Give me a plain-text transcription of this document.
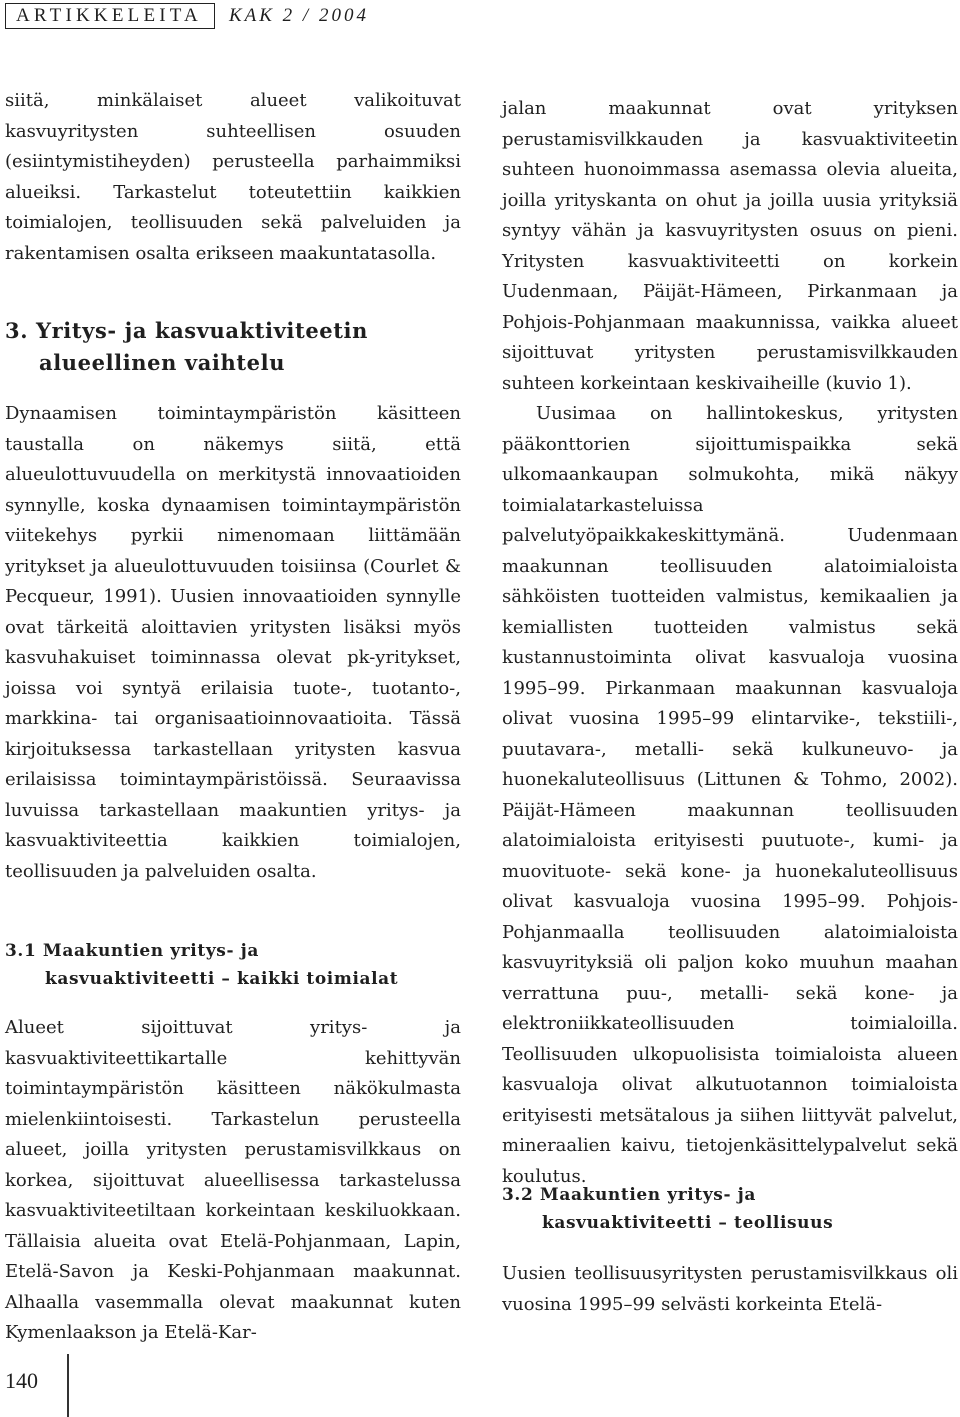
ARTIKKELEITA	KAK 2 / 2004

siitä, minkälaiset alueet valikoituvat kasvuyritysten suhteellisen osuuden (esiintymistiheyden) perusteella parhaimmiksi alueiksi. Tarkastelut toteutettiin kaikkien toimialojen, teollisuuden sekä palveluiden ja rakentamisen osalta erikseen maakuntatasolla.

3. Yritys- ja kasvuaktiviteetin
alueellinen vaihtelu

Dynaamisen toimintaympäristön käsitteen taustalla on näkemys siitä, että alueulottuvuudella on merkitystä innovaatioiden synnylle, koska dynaamisen toimintaympäristön viitekehys pyrkii nimenomaan liittämään yritykset ja alueulottuvuuden toisiinsa (Courlet & Pecqueur, 1991). Uusien innovaatioiden synnylle ovat tärkeitä aloittavien yritysten lisäksi myös kasvuhakuiset toiminnassa olevat pk-yritykset, joissa voi syntyä erilaisia tuote-, tuotanto-, markkina- tai organisaatioinnovaatioita. Tässä kirjoituksessa tarkastellaan yritysten kasvua erilaisissa toimintaympäristöissä. Seuraavissa luvuissa tarkastellaan maakuntien yritys- ja kasvuaktiviteettia kaikkien toimialojen, teollisuuden ja palveluiden osalta.

3.1 Maakuntien yritys- ja
kasvuaktiviteetti – kaikki toimialat

Alueet sijoittuvat yritys- ja kasvuaktiviteettikartalle kehittyvän toimintaympäristön käsitteen näkökulmasta mielenkiintoisesti. Tarkastelun perusteella alueet, joilla yritysten perustamisvilkkaus on korkea, sijoittuvat alueellisessa tarkastelussa kasvuaktiviteetiltaan korkeintaan keskiluokkaan. Tällaisia alueita ovat Etelä-Pohjanmaan, Lapin, Etelä-Savon ja Keski-Pohjanmaan maakunnat. Alhaalla vasemmalla olevat maakunnat kuten Kymenlaakson ja Etelä-Kar-

jalan maakunnat ovat yrityksen perustamisvilkkauden ja kasvuaktiviteetin suhteen huonoimmassa asemassa olevia alueita, joilla yrityskanta on ohut ja joilla uusia yrityksiä syntyy vähän ja kasvuyritysten osuus on pieni. Yritysten kasvuaktiviteetti on korkein Uudenmaan, Päijät-Hämeen, Pirkanmaan ja Pohjois-Pohjanmaan maakunnissa, vaikka alueet sijoittuvat yritysten perustamisvilkkauden suhteen korkeintaan keskivaiheille (kuvio 1).

Uusimaa on hallintokeskus, yritysten pääkonttorien sijoittumispaikka sekä ulkomaankaupan solmukohta, mikä näkyy toimialatarkasteluissa palvelutyöpaikkakeskittymänä. Uudenmaan maakunnan teollisuuden alatoimialoista sähköisten tuotteiden valmistus, kemikaalien ja kemiallisten tuotteiden valmistus sekä kustannustoiminta olivat kasvualoja vuosina 1995–99. Pirkanmaan maakunnan kasvualoja olivat vuosina 1995–99 elintarvike-, tekstiili-, puutavara-, metalli- sekä kulkuneuvo- ja huonekaluteollisuus (Littunen & Tohmo, 2002). Päijät-Hämeen maakunnan teollisuuden alatoimialoista erityisesti puutuote-, kumi- ja muovituote- sekä kone- ja huonekaluteollisuus olivat kasvualoja vuosina 1995–99. Pohjois-Pohjanmaalla teollisuuden alatoimialoista kasvuyrityksiä oli paljon koko muuhun maahan verrattuna puu-, metalli- sekä kone- ja elektroniikkateollisuuden toimialoilla. Teollisuuden ulkopuolisista toimialoista alueen kasvualoja olivat alkutuotannon toimialoista erityisesti metsätalous ja siihen liittyvät palvelut, mineraalien kaivu, tietojenkäsittelypalvelut sekä koulutus.

3.2 Maakuntien yritys- ja
kasvuaktiviteetti – teollisuus

Uusien teollisuusyritysten perustamisvilkkaus oli vuosina 1995–99 selvästi korkeinta Etelä-

140
